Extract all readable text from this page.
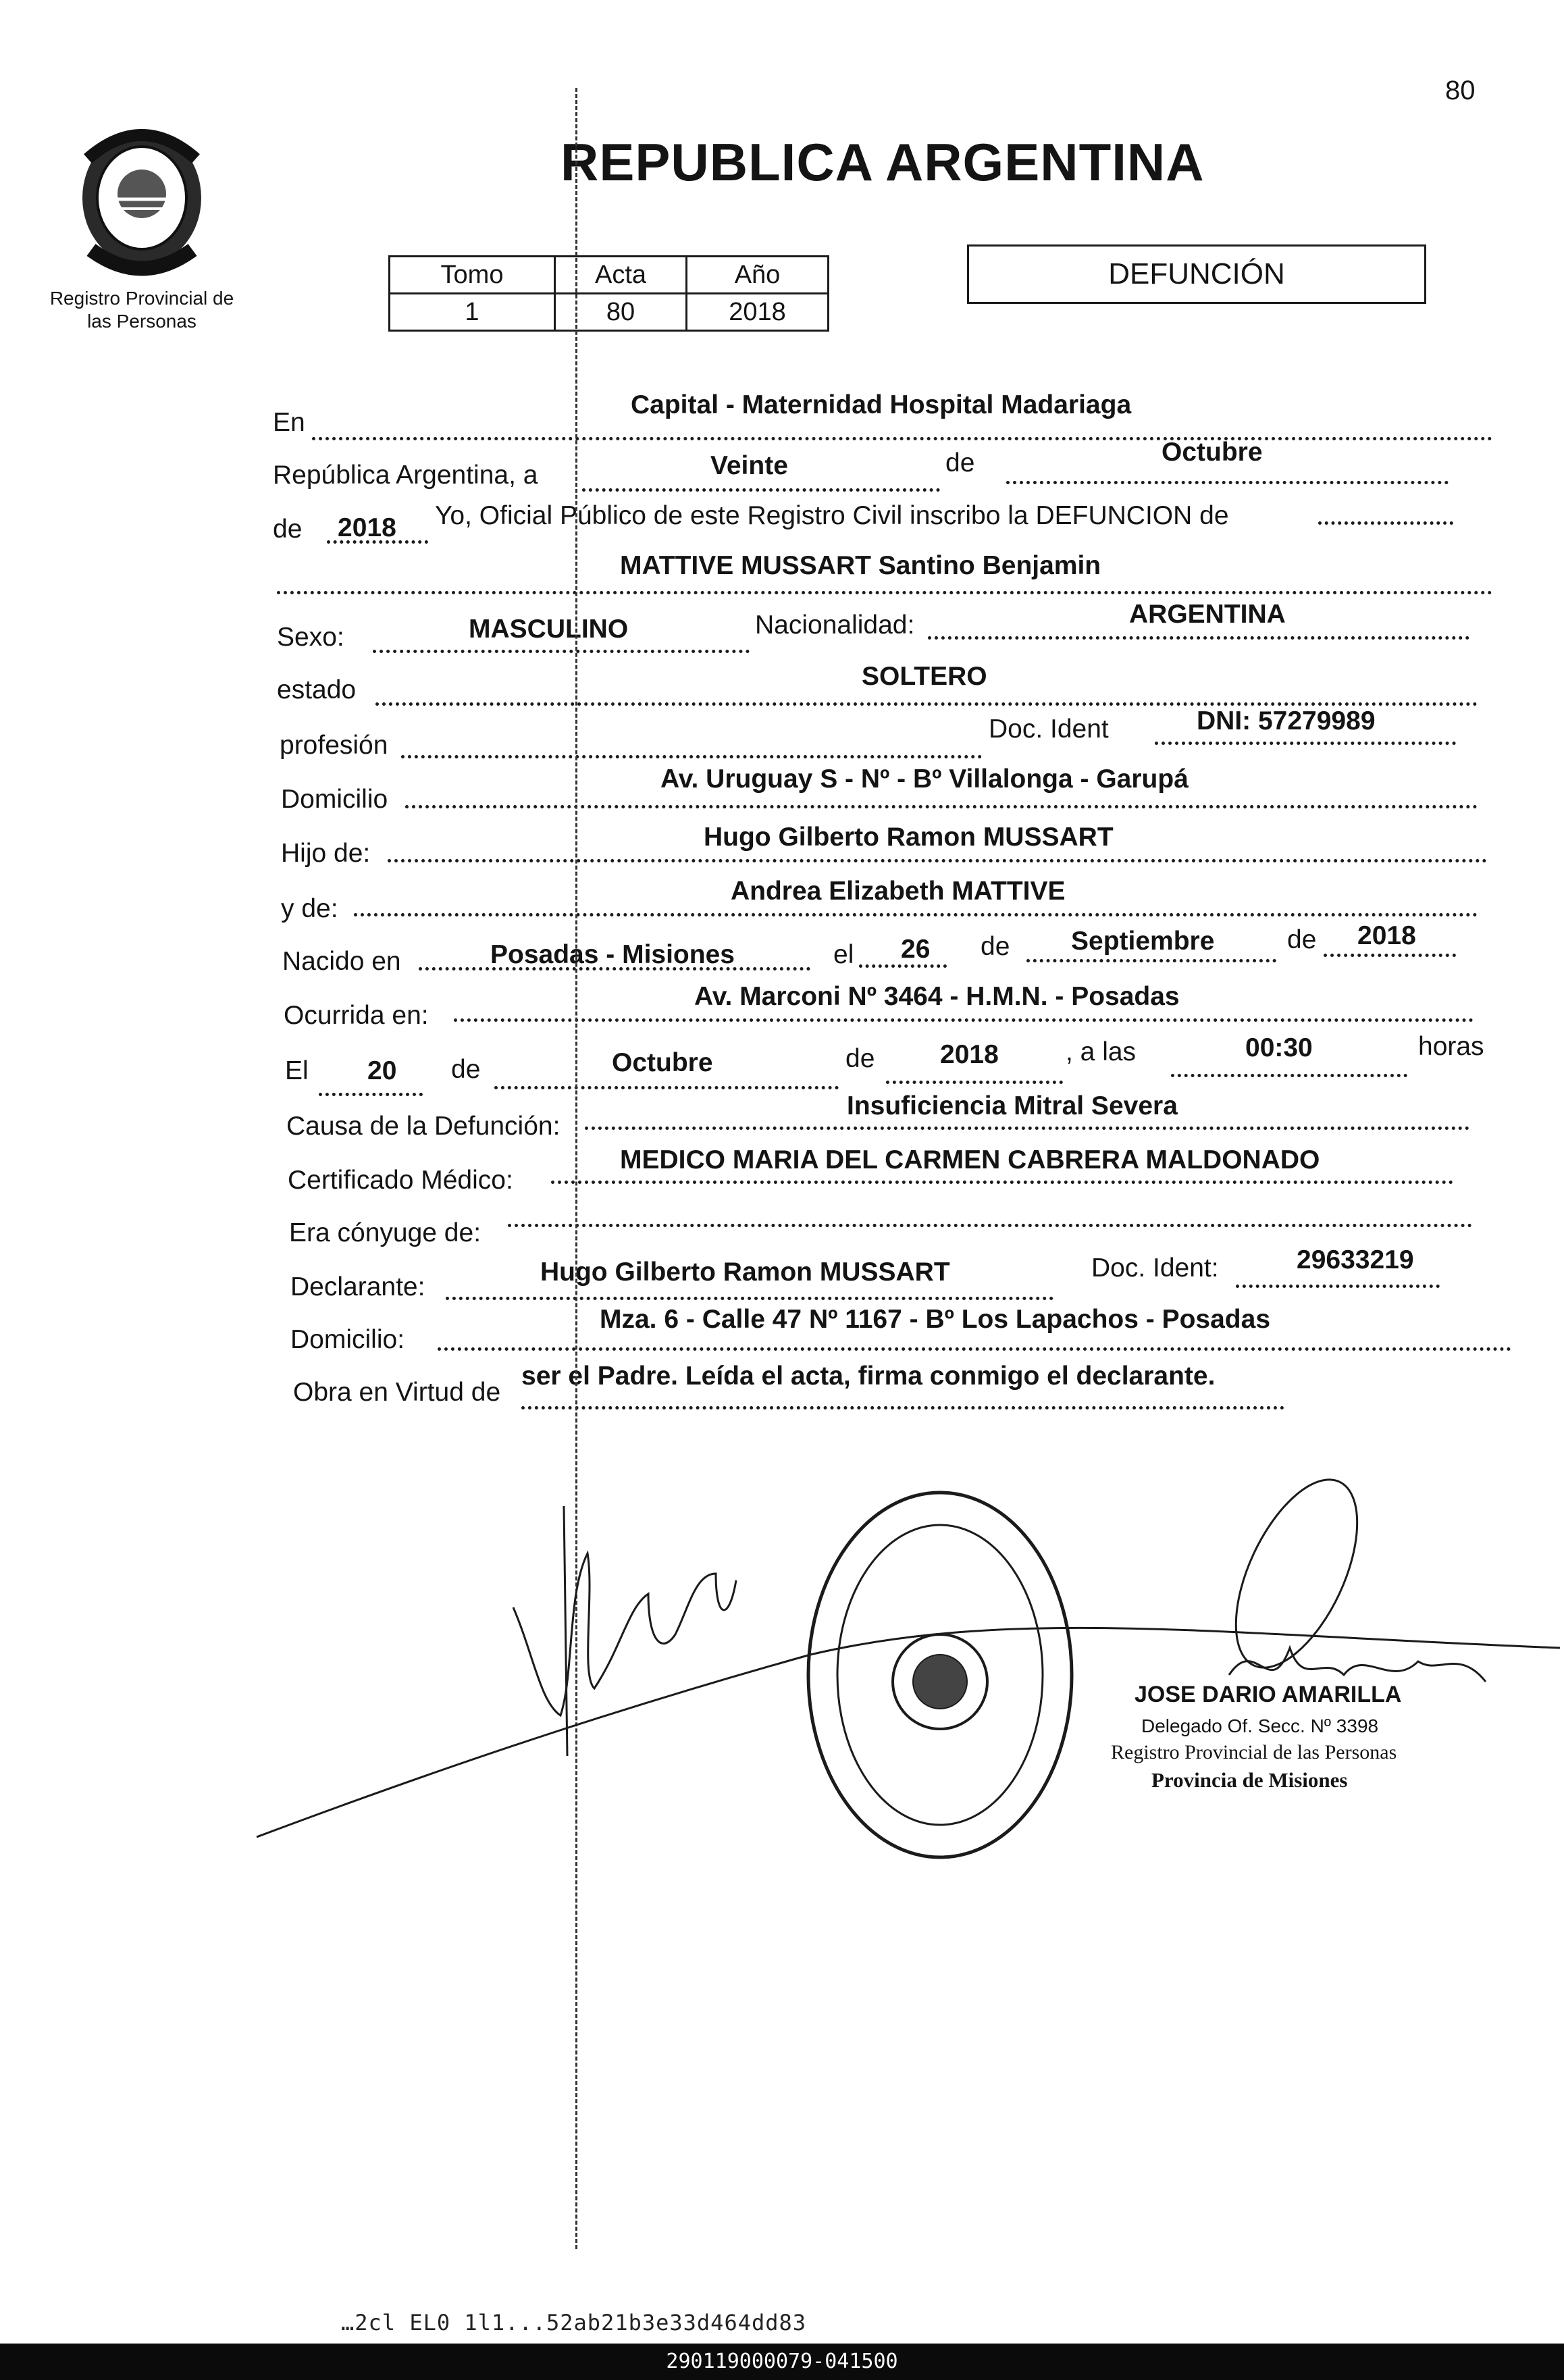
80
Registro Provincial de
las Personas
REPUBLICA ARGENTINA
Tomo	Acta	Año
1	80	2018
DEFUNCIÓN
En
Capital - Maternidad Hospital Madariaga
República Argentina, a	Veinte	de	Octubre
de 2018 Yo, Oficial Público de este Registro Civil inscribo la DEFUNCION de
MATTIVE MUSSART Santino Benjamin
Sexo:	MASCULINO	Nacionalidad:	ARGENTINA
estado	SOLTERO
profesión
Doc. Ident	DNI: 57279989
Domicilio
Av. Uruguay S - Nº - Bº Villalonga - Garupá
Hijo de:
Hugo Gilberto Ramon MUSSART
y de:
Andrea Elizabeth MATTIVE
Nacido en	Posadas - Misiones	el 26 de Septiembre	de 2018
Ocurrida en:
Av. Marconi Nº 3464 - H.M.N. - Posadas
El 20 de	Octubre	de 2018	, a las	00:30	horas
Causa de la Defunción:
Insuficiencia Mitral Severa
Certificado Médico:
MEDICO MARIA DEL CARMEN CABRERA MALDONADO
Era cónyuge de:
Declarante:
Hugo Gilberto Ramon MUSSART	Doc. Ident:	29633219
Domicilio:
Mza. 6 - Calle 47 Nº 1167 - Bº Los Lapachos - Posadas
Obra en Virtud de
ser el Padre. Leída el acta, firma conmigo el declarante.
JOSE DARIO AMARILLA
Delegado Of. Secc. Nº 3398
Registro Provincial de las Personas
Provincia de Misiones
…2cl EL0 1l1...52ab21b3e33d464dd83
290119000079-041500
